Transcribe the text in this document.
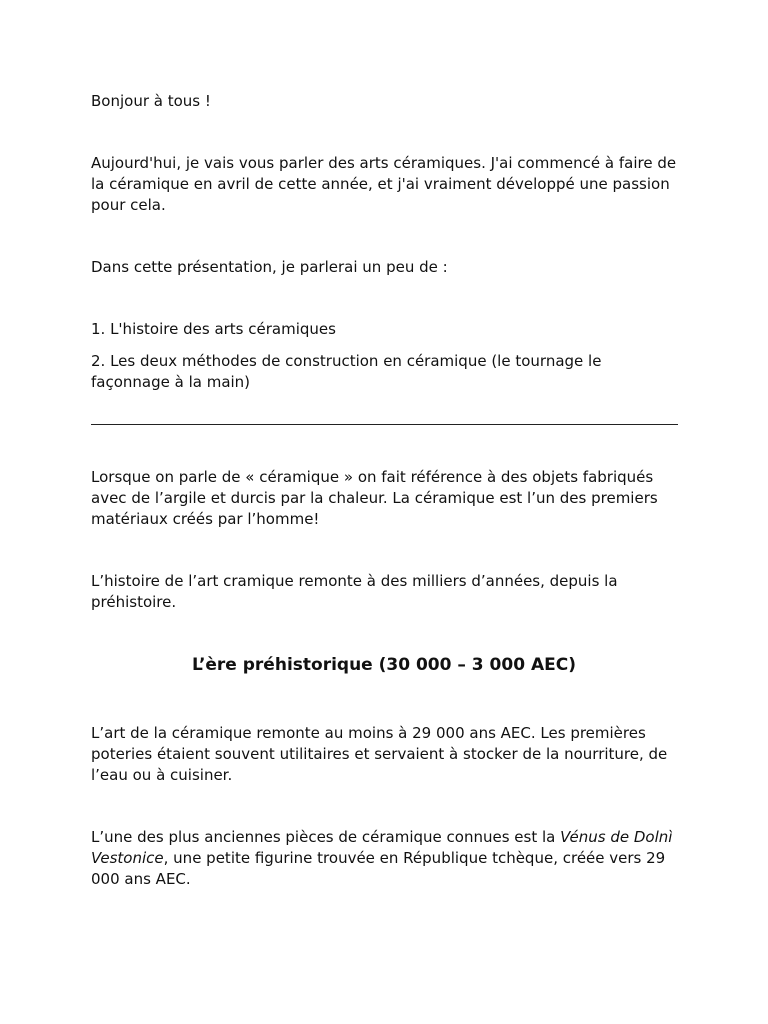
Bonjour à tous !

Aujourd'hui, je vais vous parler des arts céramiques. J'ai commencé à faire de la céramique en avril de cette année, et j'ai vraiment développé une passion pour cela.

Dans cette présentation, je parlerai un peu de :

1. L'histoire des arts céramiques

2. Les deux méthodes de construction en céramique (le tournage le façonnage à la main)

Lorsque on parle de « céramique » on fait référence à des objets fabriqués avec de l’argile et durcis par la chaleur. La céramique est l’un des premiers matériaux créés par l’homme!

L’histoire de l’art cramique remonte à des milliers d’années, depuis la préhistoire.

L’ère préhistorique (30 000 – 3 000 AEC)

L’art de la céramique remonte au moins à 29 000 ans AEC. Les premières poteries étaient souvent utilitaires et servaient à stocker de la nourriture, de l’eau ou à cuisiner.

L’une des plus anciennes pièces de céramique connues est la Vénus de Dolnì Vestonice, une petite figurine trouvée en République tchèque, créée vers 29 000 ans AEC.
